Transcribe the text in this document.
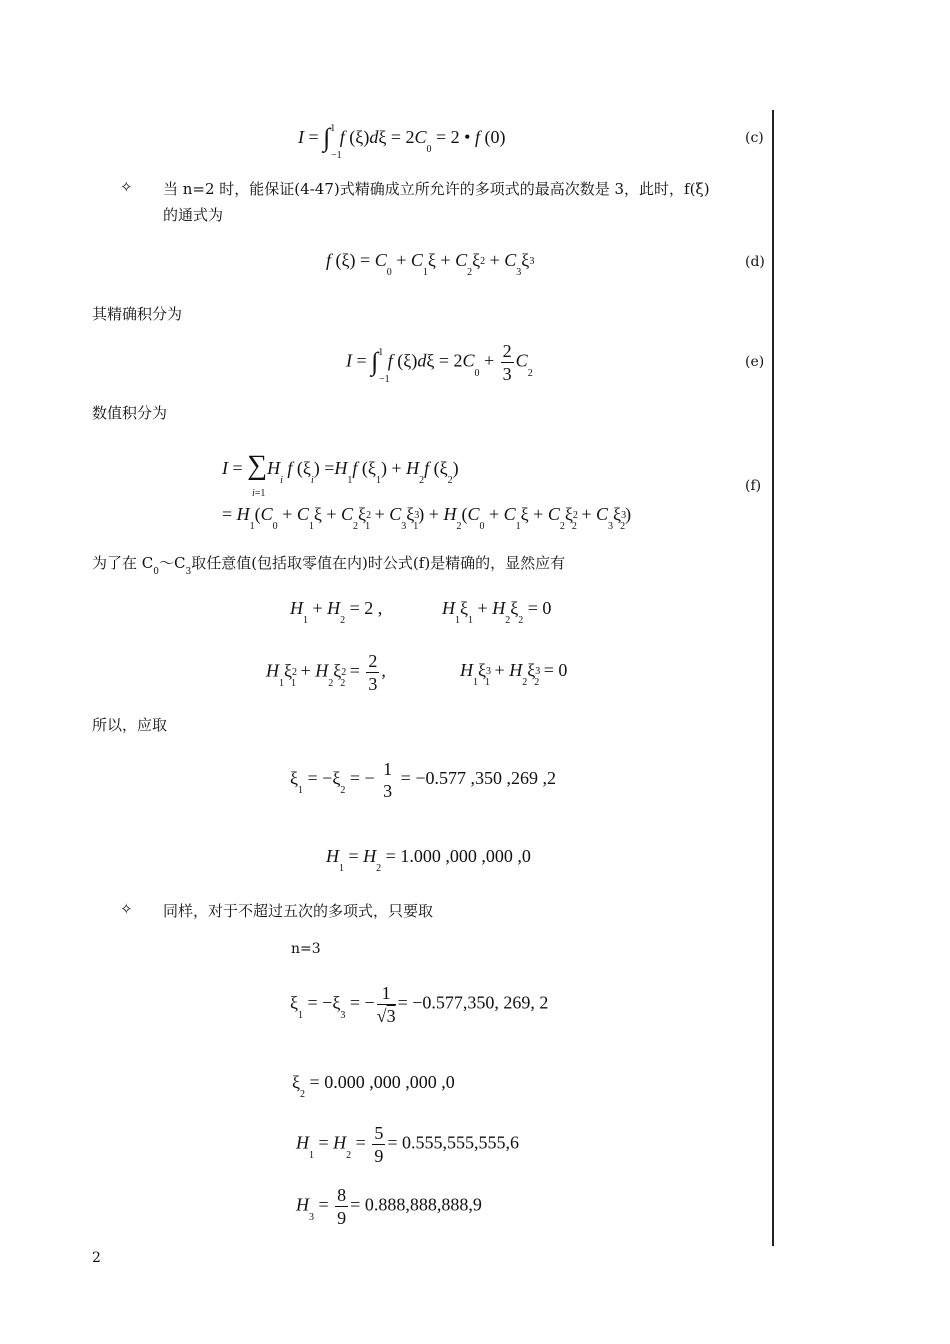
I = ∫$^1$
−1
f $(\xi)d\xi = 2C_0 = 2$ • f (0)	(c)
✧ 当 n=2 时，能保证(4-47)式精确成立所允许的多项式的最高次数是 3，此时，f(ξ)
的通式为
f $(\xi) = C_0 + C_1\xi + C_2\xi 2 + C_3\xi 3$	(d)
其精确积分为
I = ∫$^1$
−1
f $(\xi)d\xi = 2C_0 + \frac{2}{3} C_2$
(e)
数值积分为
$I = \sum H_i$ f $(\xi_i) =H_1f$ $(\xi_1) + H_2f$ $(\xi_2)$
i=1
= $H_1(C_0 + C_1\xi + C_2\xi 2_1 + C_3\xi 3_1) + H_2(C_0 + C_1\xi + C_2\xi 2_2 + C_3\xi 3_2)$
(f)
为了在 $C_0\sim C_3$取任意值(包括取零值在内)时公式(f)是精确的，显然应有
$H_1 + H_2 = 2$ ,	$H_1\xi_1 + H_2\xi_2 = 0$
$H_1\xi 2_1 + H_2\xi 2_2 = \frac{2}{3}$ ,	$H_1\xi 3_1 + H_2\xi 3_2 = 0$
所以，应取
$\xi_1 = -\xi_2$ = − 1
3
= −0.577 ,350 ,269 ,2
$H_1 = H_2 = 1.000$ ,000 ,000 ,0
✧ 同样，对于不超过五次的多项式，只要取
n=3
$\xi_1 = -\xi_3$ = − $\frac{1}{√3} = -0.577,350$, 269, 2
$\xi_2 = 0.000$ ,000 ,000 ,0
$H_1 = H_2 = \frac{5}{9} = 0.555,555,555,6$
$H_3 = \frac{8}{9} = 0.888,888,888,9$
2
